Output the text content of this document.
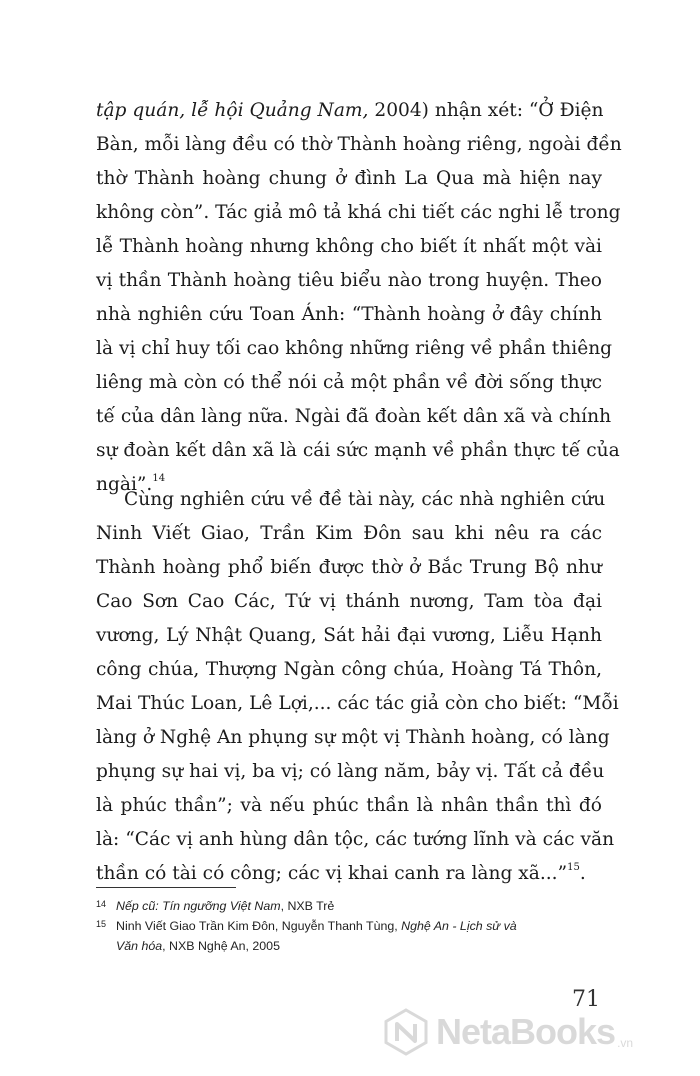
tập quán, lễ hội Quảng Nam, 2004) nhận xét: “Ở Điện
Bàn, mỗi làng đều có thờ Thành hoàng riêng, ngoài đền
thờ Thành hoàng chung ở đình La Qua mà hiện nay
không còn”. Tác giả mô tả khá chi tiết các nghi lễ trong
lễ Thành hoàng nhưng không cho biết ít nhất một vài
vị thần Thành hoàng tiêu biểu nào trong huyện. Theo
nhà nghiên cứu Toan Ánh: “Thành hoàng ở đây chính
là vị chỉ huy tối cao không những riêng về phần thiêng
liêng mà còn có thể nói cả một phần về đời sống thực
tế của dân làng nữa. Ngài đã đoàn kết dân xã và chính
sự đoàn kết dân xã là cái sức mạnh về phần thực tế của
ngài”.$^{14}$
Cùng nghiên cứu về đề tài này, các nhà nghiên cứu
Ninh Viết Giao, Trần Kim Đôn sau khi nêu ra các
Thành hoàng phổ biến được thờ ở Bắc Trung Bộ như
Cao Sơn Cao Các, Tứ vị thánh nương, Tam tòa đại
vương, Lý Nhật Quang, Sát hải đại vương, Liễu Hạnh
công chúa, Thượng Ngàn công chúa, Hoàng Tá Thôn,
Mai Thúc Loan, Lê Lợi,... các tác giả còn cho biết: “Mỗi
làng ở Nghệ An phụng sự một vị Thành hoàng, có làng
phụng sự hai vị, ba vị; có làng năm, bảy vị. Tất cả đều
là phúc thần”; và nếu phúc thần là nhân thần thì đó
là: “Các vị anh hùng dân tộc, các tướng lĩnh và các văn
thần có tài có công; các vị khai canh ra làng xã...”$^{15}$.
14 Nếp cũ: Tín ngưỡng Việt Nam, NXB Trẻ
15 Ninh Viết Giao Trần Kim Đôn, Nguyễn Thanh Tùng, Nghệ An - Lịch sử và
Văn hóa, NXB Nghệ An, 2005
71
NetaBooks .vn
